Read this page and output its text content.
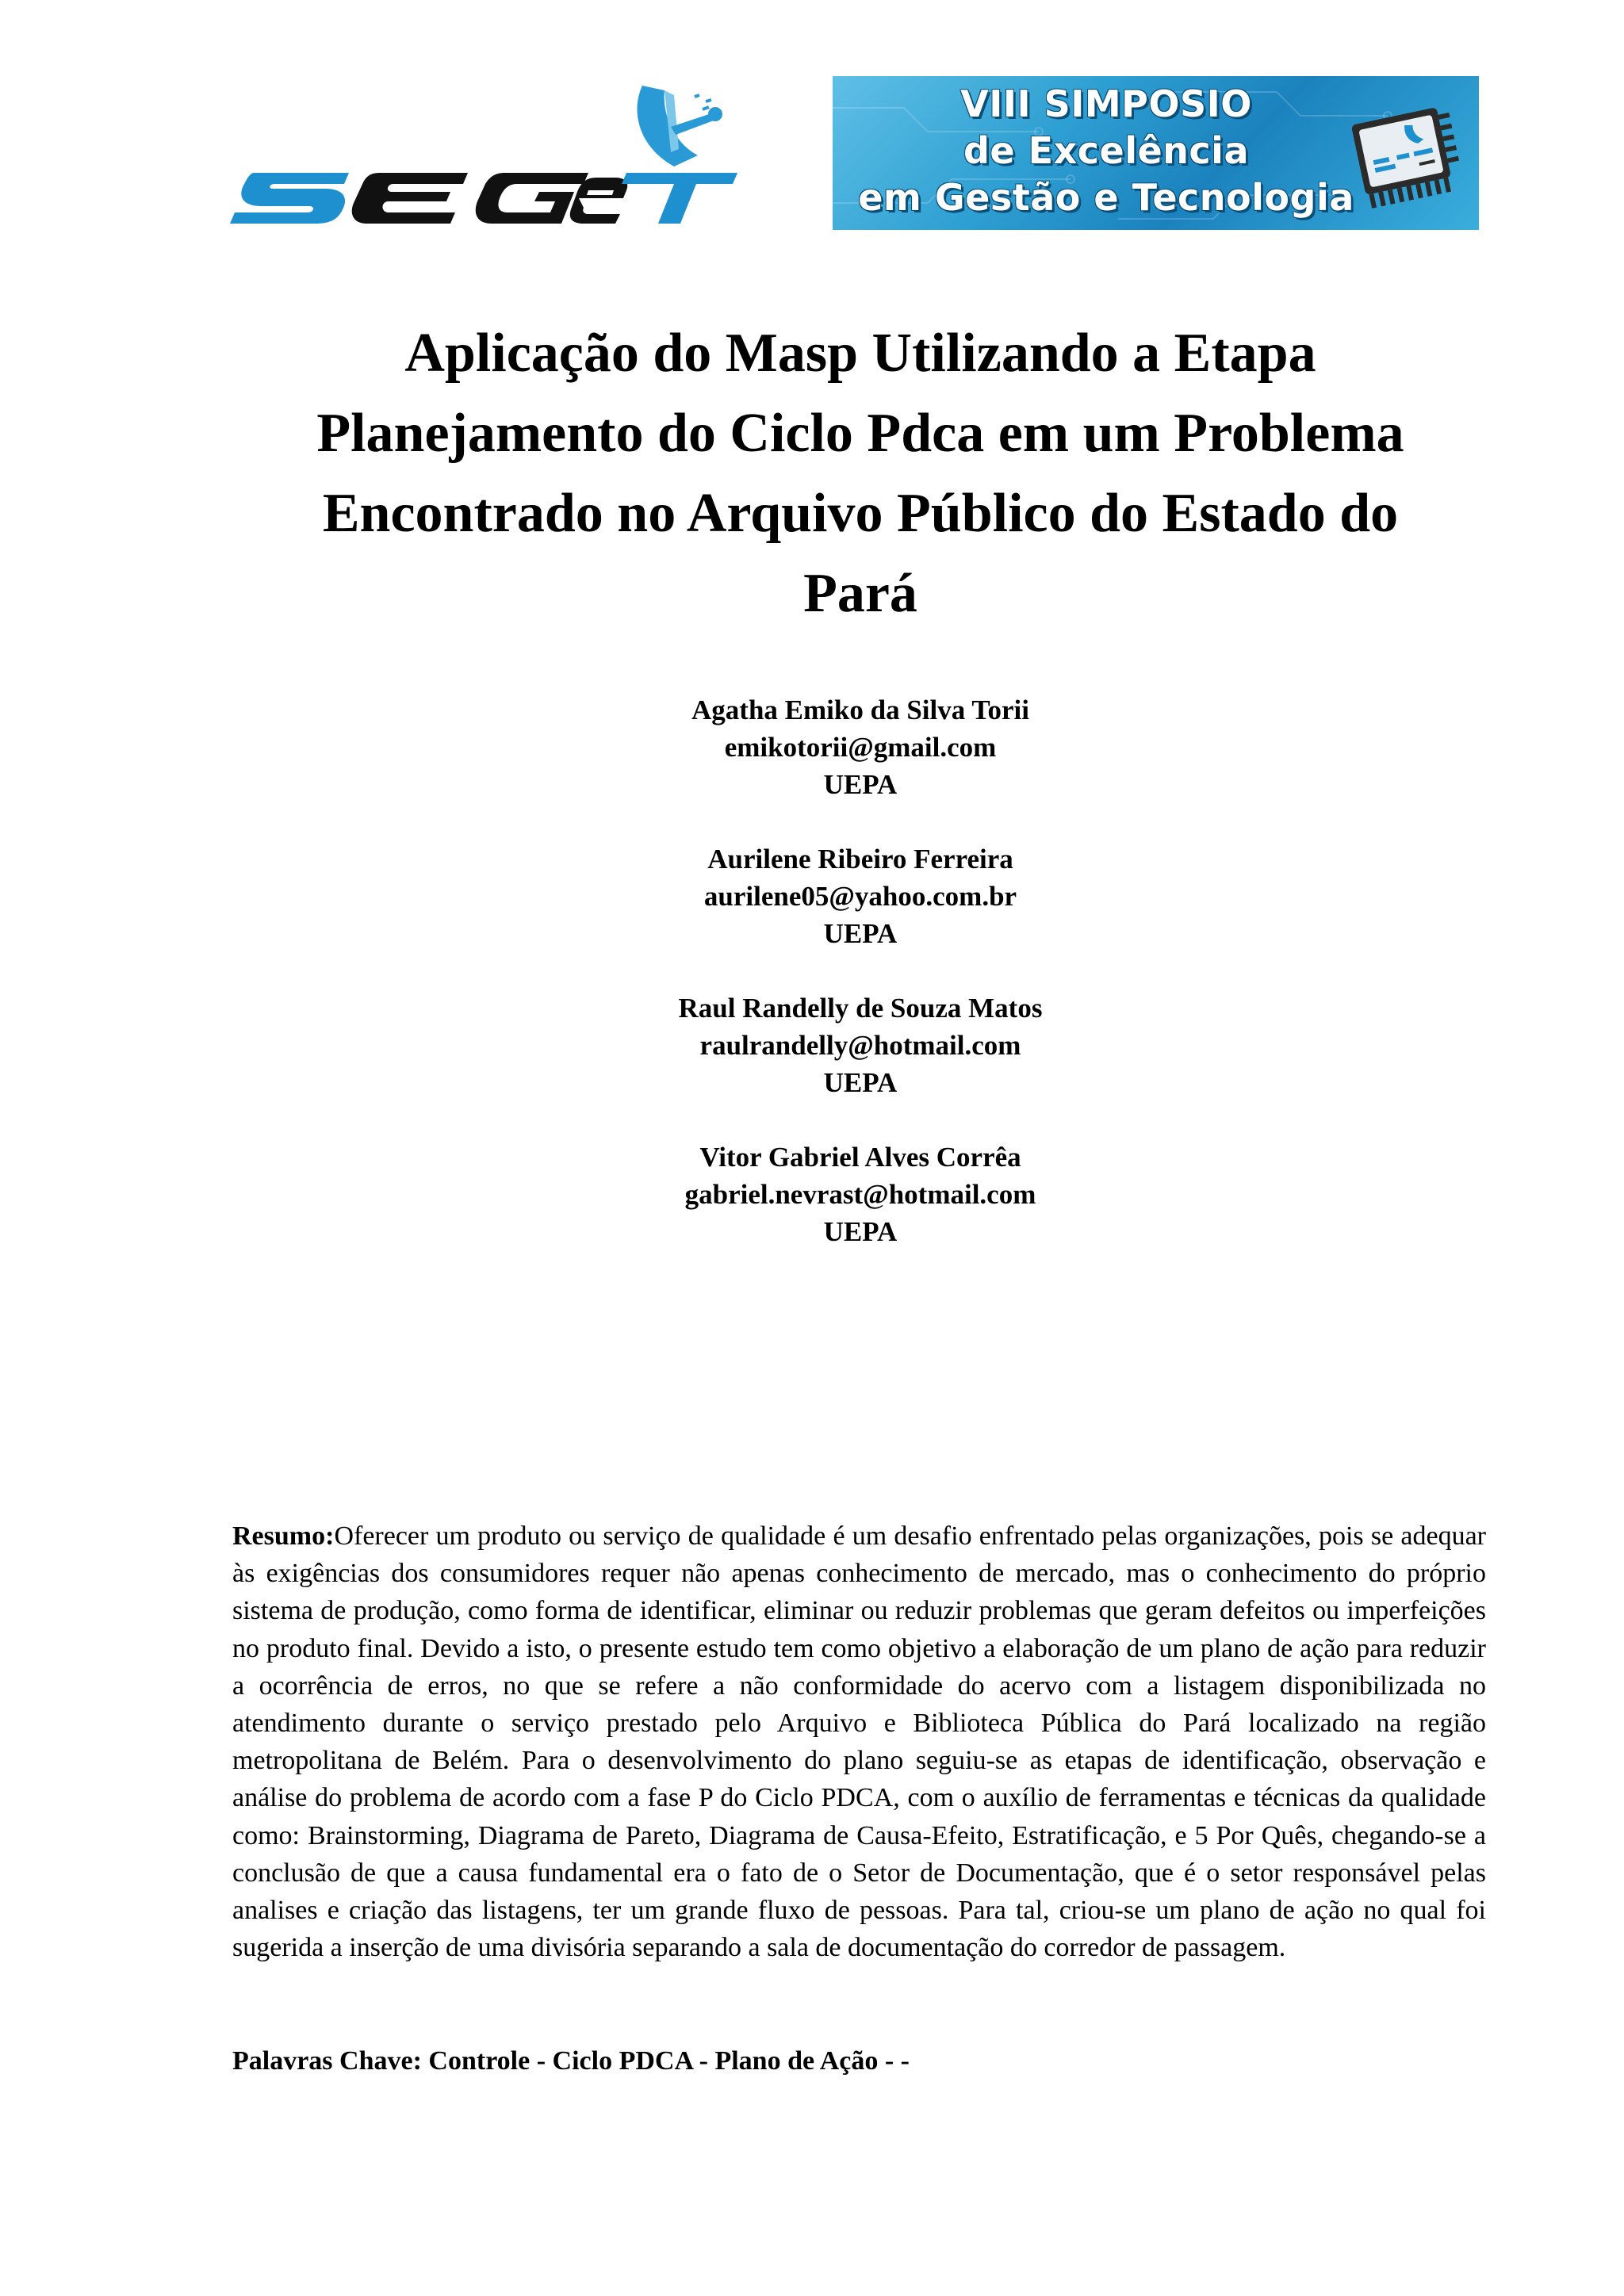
VIII SIMPOSIO
de Excelência
em Gestão e Tecnologia
Aplicação do Masp Utilizando a Etapa
Planejamento do Ciclo Pdca em um Problema
Encontrado no Arquivo Público do Estado do
Pará
Agatha Emiko da Silva Torii
emikotorii@gmail.com
UEPA
Aurilene Ribeiro Ferreira
aurilene05@yahoo.com.br
UEPA
Raul Randelly de Souza Matos
raulrandelly@hotmail.com
UEPA
Vitor Gabriel Alves Corrêa
gabriel.nevrast@hotmail.com
UEPA
Resumo:Oferecer um produto ou serviço de qualidade é um desafio enfrentado pelas organizações, pois se adequar às exigências dos consumidores requer não apenas conhecimento de mercado, mas o conhecimento do próprio sistema de produção, como forma de identificar, eliminar ou reduzir problemas que geram defeitos ou imperfeições no produto final. Devido a isto, o presente estudo tem como objetivo a elaboração de um plano de ação para reduzir a ocorrência de erros, no que se refere a não conformidade do acervo com a listagem disponibilizada no atendimento durante o serviço prestado pelo Arquivo e Biblioteca Pública do Pará localizado na região metropolitana de Belém. Para o desenvolvimento do plano seguiu-se as etapas de identificação, observação e análise do problema de acordo com a fase P do Ciclo PDCA, com o auxílio de ferramentas e técnicas da qualidade como: Brainstorming, Diagrama de Pareto, Diagrama de Causa-Efeito, Estratificação, e 5 Por Quês, chegando-se a conclusão de que a causa fundamental era o fato de o Setor de Documentação, que é o setor responsável pelas analises e criação das listagens, ter um grande fluxo de pessoas. Para tal, criou-se um plano de ação no qual foi sugerida a inserção de uma divisória separando a sala de documentação do corredor de passagem.
Palavras Chave: Controle - Ciclo PDCA - Plano de Ação - -
